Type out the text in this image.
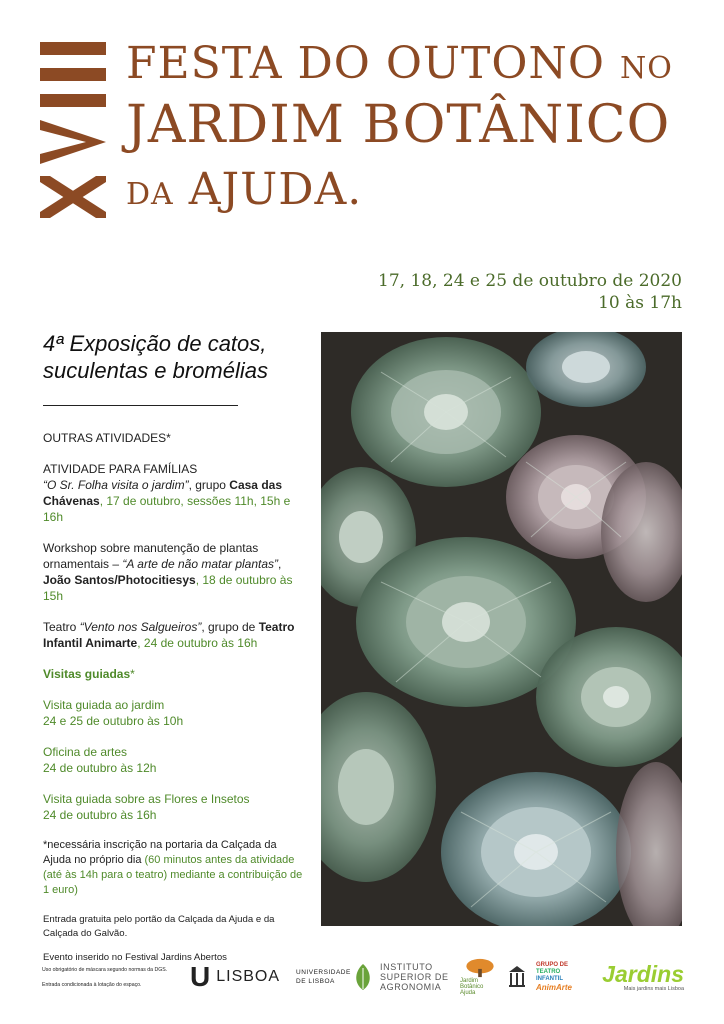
FESTA DO OUTONO NO
JARDIM BOTÂNICO
DA AJUDA.
17, 18, 24 e 25 de outubro de 2020
10 às 17h
4ª Exposição de catos, suculentas e bromélias

OUTRAS ATIVIDADES*

ATIVIDADE PARA FAMÍLIAS
“O Sr. Folha visita o jardim”, grupo Casa das Chávenas, 17 de outubro, sessões 11h, 15h e 16h

Workshop sobre manutenção de plantas ornamentais – “A arte de não matar plantas”, João Santos/Photocitiesys, 18 de outubro às 15h

Teatro “Vento nos Salgueiros”, grupo de Teatro Infantil Animarte, 24 de outubro às 16h

Visitas guiadas*

Visita guiada ao jardim
24 e 25 de outubro às 10h

Oficina de artes
24 de outubro às 12h

Visita guiada sobre as Flores e Insetos
24 de outubro às 16h

*necessária inscrição na portaria da Calçada da Ajuda no próprio dia (60 minutos antes da atividade (até às 14h para o teatro) mediante a contribuição de 1 euro)

Entrada gratuita pelo portão da Calçada da Ajuda e da Calçada do Galvão.

Evento inserido no Festival Jardins Abertos

Uso obrigatório de máscara segundo normas da DGS.
Entrada condicionada à lotação do espaço.	U LISBOA UNIVERSIDADE
DE LISBOA
INSTITUTO
SUPERIOR DE
AGRONOMIA
Jardim Botânico Ajuda
GRUPO DE
TEATRO
INFANTIL
AnimArte
Jardins
Mais jardins mais Lisboa
